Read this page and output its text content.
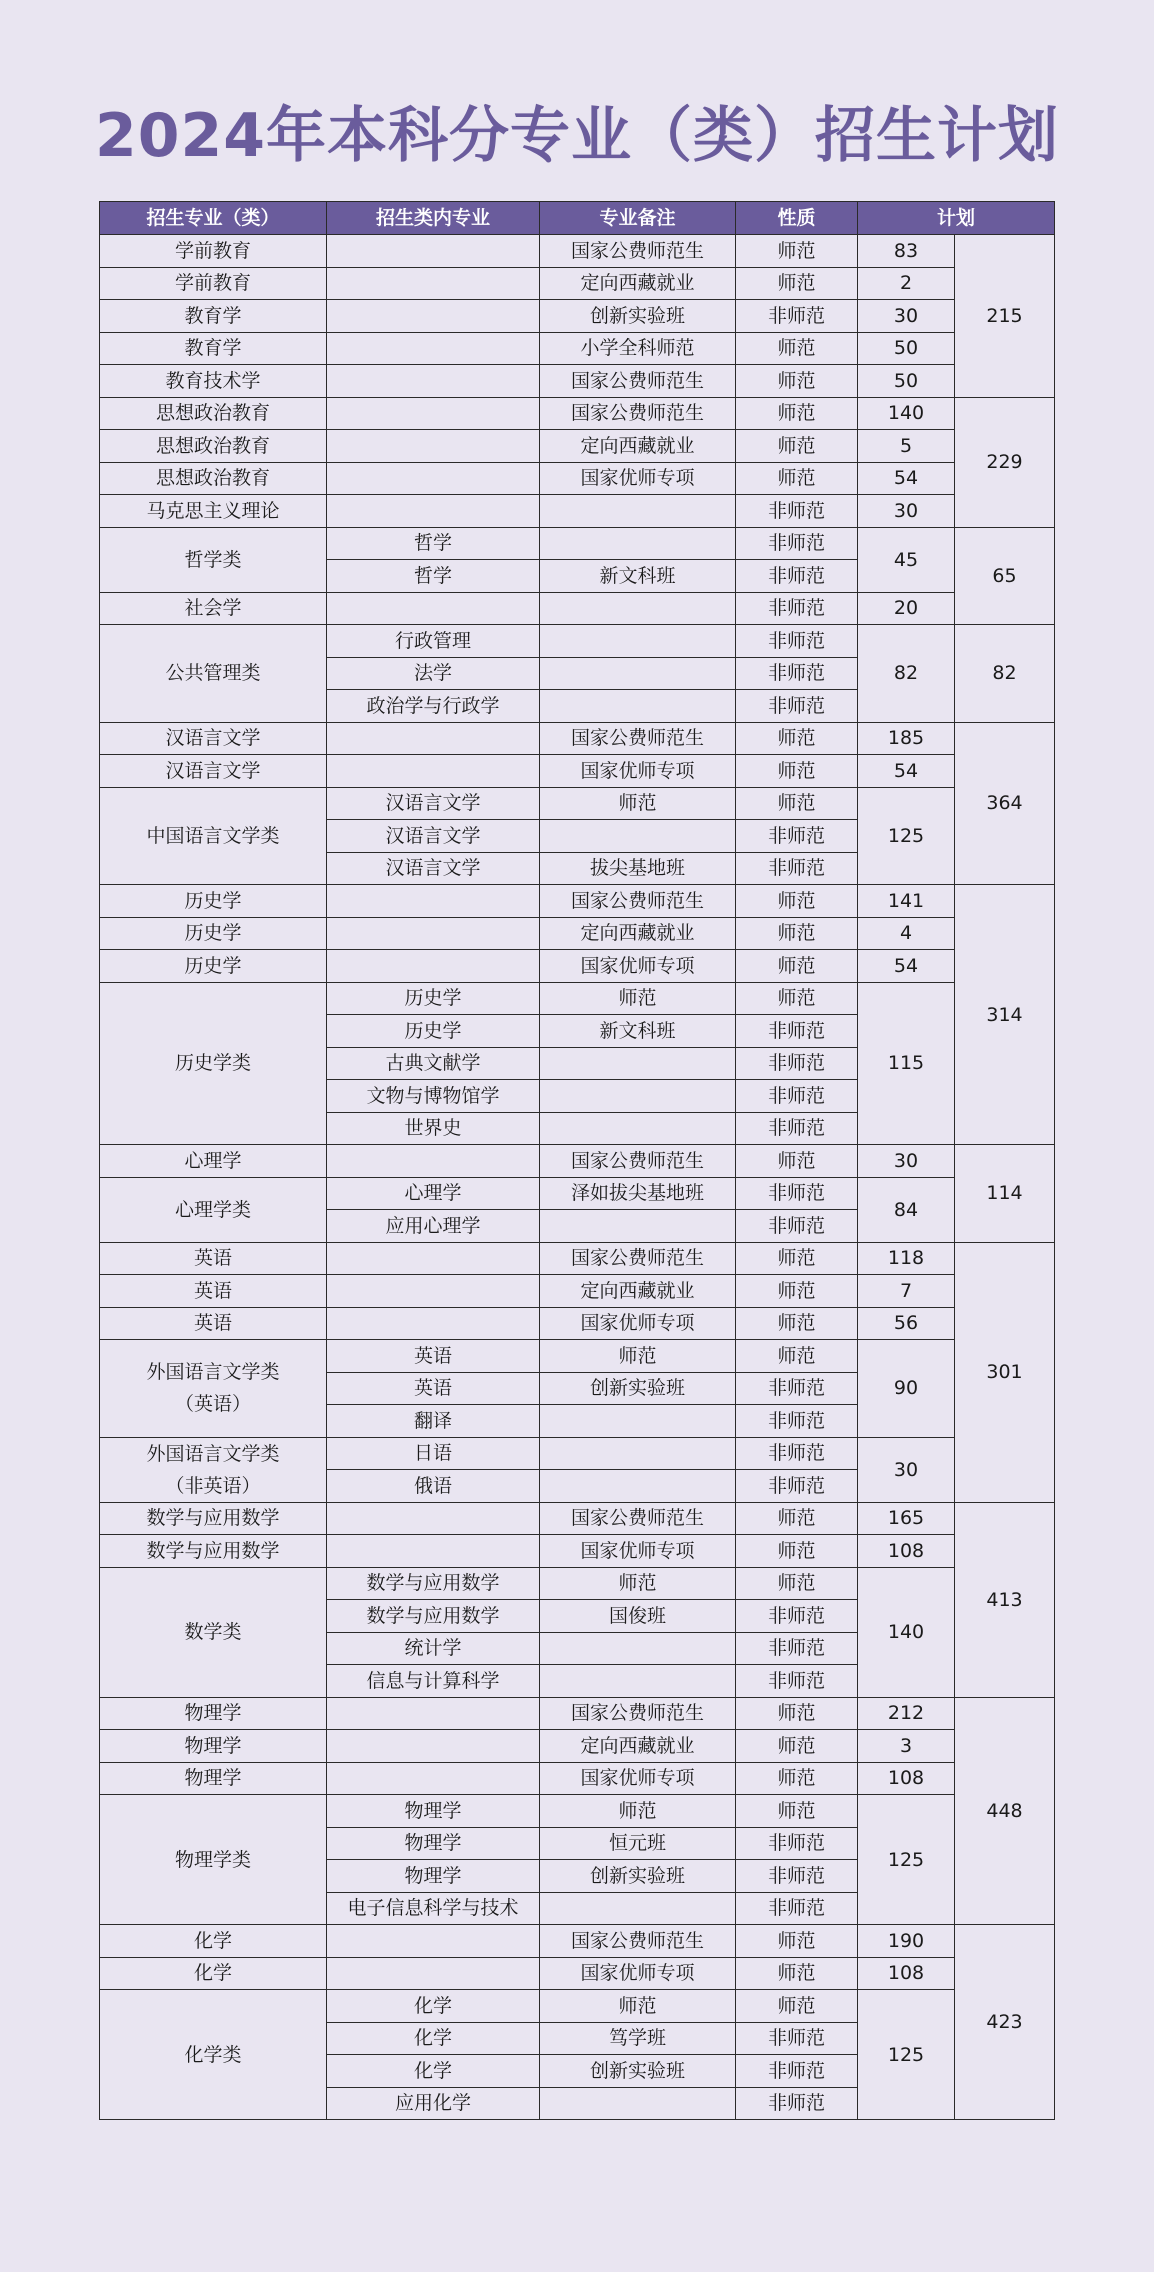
2024年本科分专业（类）招生计划
招生专业（类）	招生类内专业	专业备注	性质	计划	
学前教育		国家公费师范生	师范	83	215
学前教育		定向西藏就业	师范	2	
教育学		创新实验班	非师范	30	
教育学		小学全科师范	师范	50	
教育技术学		国家公费师范生	师范	50	
思想政治教育		国家公费师范生	师范	140	229
思想政治教育		定向西藏就业	师范	5	
思想政治教育		国家优师专项	师范	54	
马克思主义理论			非师范	30	
哲学类	哲学		非师范	45	65
	哲学	新文科班	非师范		
社会学			非师范	20	
公共管理类	行政管理		非师范	82	82
	法学		非师范		
	政治学与行政学		非师范		
汉语言文学		国家公费师范生	师范	185	364
汉语言文学		国家优师专项	师范	54	
中国语言文学类	汉语言文学	师范	师范	125	
	汉语言文学		非师范		
	汉语言文学	拔尖基地班	非师范		
历史学		国家公费师范生	师范	141	314
历史学		定向西藏就业	师范	4	
历史学		国家优师专项	师范	54	
历史学类	历史学	师范	师范	115	
	历史学	新文科班	非师范		
	古典文献学		非师范		
	文物与博物馆学		非师范		
	世界史		非师范		
心理学		国家公费师范生	师范	30	114
心理学类	心理学	泽如拔尖基地班	非师范	84	
	应用心理学		非师范		
英语		国家公费师范生	师范	118	301
英语		定向西藏就业	师范	7	
英语		国家优师专项	师范	56	
外国语言文学类
（英语）	英语	师范	师范	90	
	英语	创新实验班	非师范		
	翻译		非师范		
外国语言文学类
（非英语）	日语		非师范	30	
	俄语		非师范		
数学与应用数学		国家公费师范生	师范	165	413
数学与应用数学		国家优师专项	师范	108	
数学类	数学与应用数学	师范	师范	140	
	数学与应用数学	国俊班	非师范		
	统计学		非师范		
	信息与计算科学		非师范		
物理学		国家公费师范生	师范	212	448
物理学		定向西藏就业	师范	3	
物理学		国家优师专项	师范	108	
物理学类	物理学	师范	师范	125	
	物理学	恒元班	非师范		
	物理学	创新实验班	非师范		
	电子信息科学与技术		非师范		
化学		国家公费师范生	师范	190	423
化学		国家优师专项	师范	108	
化学类	化学	师范	师范	125	
	化学	笃学班	非师范		
	化学	创新实验班	非师范		
	应用化学		非师范		
